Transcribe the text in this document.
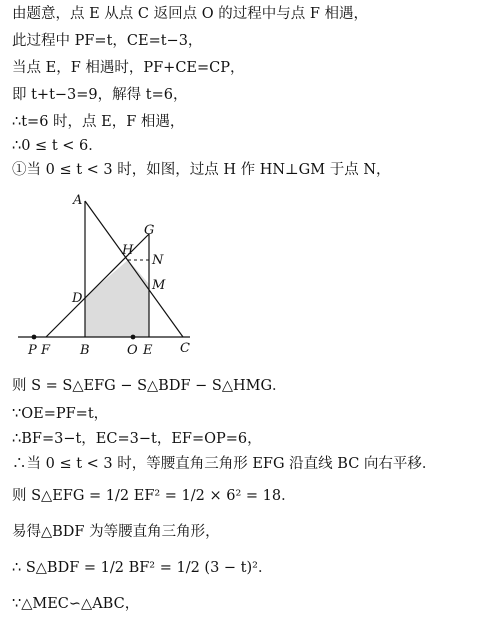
由题意，点 E 从点 C 返回点 O 的过程中与点 F 相遇，
此过程中 PF=t，CE=t−3，
当点 E，F 相遇时，PF+CE=CP，
即 t+t−3=9，解得 t=6，
∴t=6 时，点 E，F 相遇，
∴0 ≤ t < 6．
①当 0 ≤ t < 3 时，如图，过点 H 作 HN⊥GM 于点 N，
A
G
H
N
M
D
P F B	O E C
则 S = S△EFG − S△BDF − S△HMG．
∵OE=PF=t，
∴BF=3−t，EC=3−t，EF=OP=6，
∴当 0 ≤ t < 3 时，等腰直角三角形 EFG 沿直线 BC 向右平移．
则 S△EFG = 1/2 EF² = 1/2 × 6² = 18．
易得△BDF 为等腰直角三角形，
∴ S△BDF = 1/2 BF² = 1/2 (3 − t)²．
∵△MEC∽△ABC，
